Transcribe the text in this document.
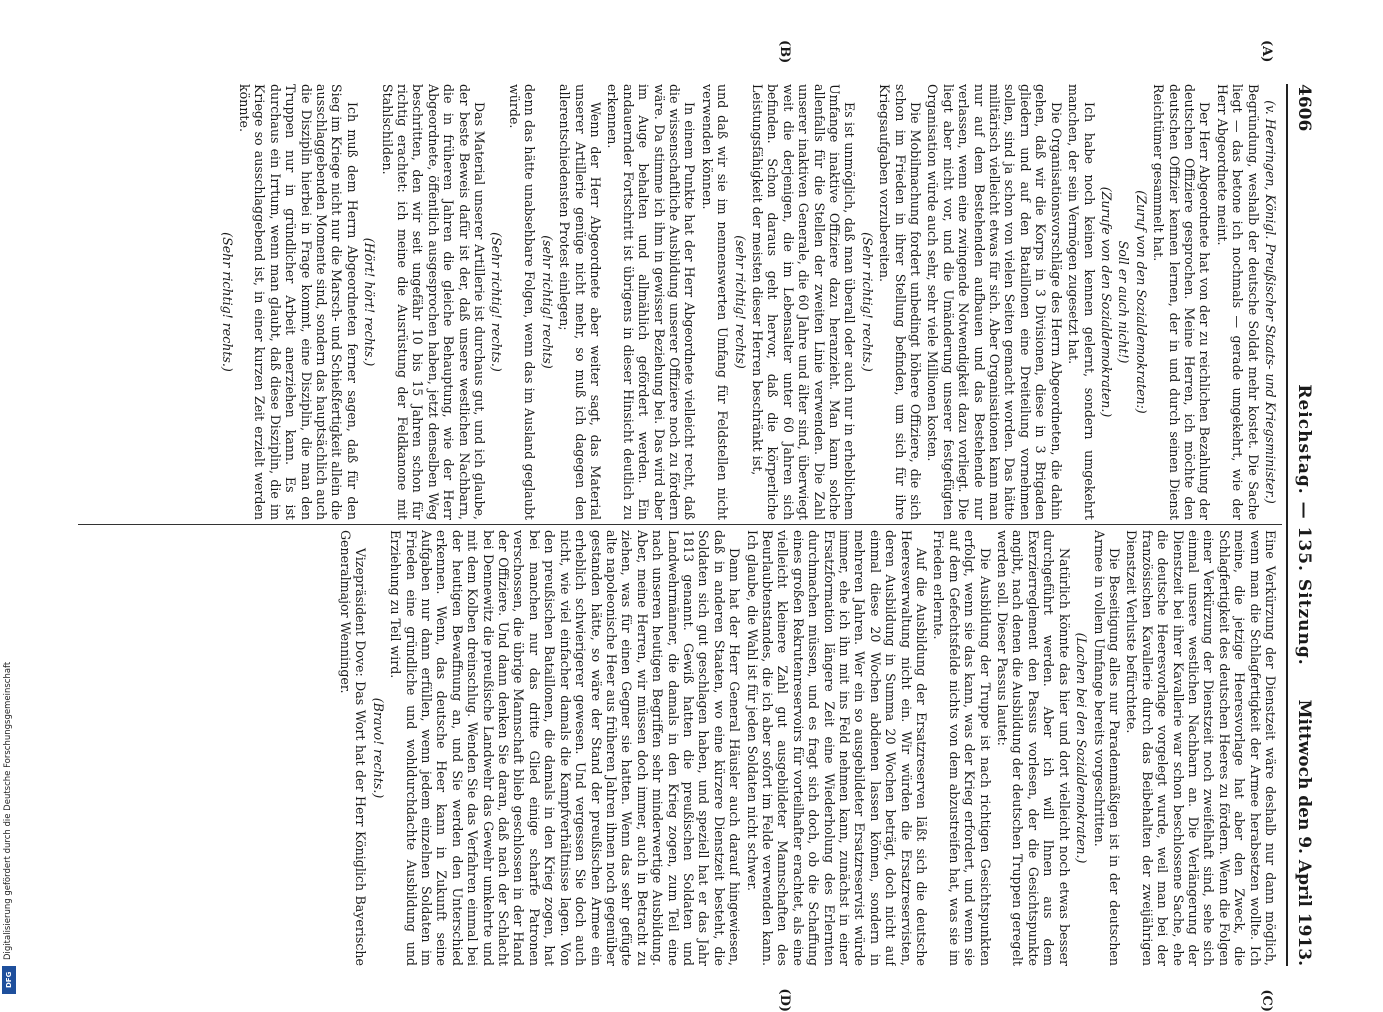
Digitalisierung gefördert durch die Deutsche Forschungsgemeinschaft
DFG
4606
Reichstag. — 135. Sitzung.
Mittwoch den 9. April 1913.
(A)
(B)
(C)
(D)

(v. Heeringen, Königl. Preußischer Staats- und Kriegsminister.)

Begründung, weshalb der deutsche Soldat mehr kostet. Die Sache liegt — das betone ich nochmals — gerade umgekehrt, wie der Herr Abgeordnete meint.

Der Herr Abgeordnete hat von der zu reichlichen Bezahlung der deutschen Offiziere gesprochen. Meine Herren, ich möchte den deutschen Offizier kennen lernen, der in und durch seinen Dienst Reichtümer gesammelt hat.

(Zuruf von den Sozialdemokraten:)

Soll er auch nicht!)

(Zurufe von den Sozialdemokraten.)

Ich habe noch keinen kennen gelernt, sondern umgekehrt manchen, der sein Vermögen zugesetzt hat.

Die Organisationsvorschläge des Herrn Abgeordneten, die dahin gehen, daß wir die Korps in 3 Divisionen, diese in 3 Brigaden gliedern und auf den Bataillonen eine Dreiteilung vornehmen sollen, sind ja schon von vielen Seiten gemacht worden. Das hätte militärisch vielleicht etwas für sich. Aber Organisationen kann man nur auf dem Bestehenden aufbauen und das Bestehende nur verlassen, wenn eine zwingende Notwendigkeit dazu vorliegt. Die liegt aber nicht vor, und die Umänderung unserer festgefügten Organisation würde auch sehr, sehr viele Millionen kosten.

Die Mobilmachung fordert unbedingt höhere Offiziere, die sich schon im Frieden in ihrer Stellung befinden, um sich für ihre Kriegsaufgaben vorzubereiten.

(Sehr richtig! rechts.)

Es ist unmöglich, daß man überall oder auch nur in erheblichem Umfange inaktive Offiziere dazu heranzieht. Man kann solche allenfalls für die Stellen der zweiten Linie verwenden. Die Zahl unserer inaktiven Generale, die 60 Jahre und älter sind, überwiegt weit die derjenigen, die im Lebensalter unter 60 Jahren sich befinden. Schon daraus geht hervor, daß die körperliche Leistungsfähigkeit der meisten dieser Herren beschränkt ist,

(sehr richtig! rechts)

und daß wir sie im nennenswerten Umfang für Feldstellen nicht verwenden können.

In einem Punkte hat der Herr Abgeordnete vielleicht recht, daß die wissenschaftliche Ausbildung unserer Offiziere noch zu fördern wäre. Da stimme ich ihm in gewisser Beziehung bei. Das wird aber im Auge behalten und allmählich gefördert werden. Ein andauernder Fortschritt ist übrigens in dieser Hinsicht deutlich zu erkennen.

Wenn der Herr Abgeordnete aber weiter sagt, das Material unserer Artillerie genüge nicht mehr, so muß ich dagegen den allerentschiedensten Protest einlegen;

(sehr richtig! rechts)

denn das hätte unabsehbare Folgen, wenn das im Ausland geglaubt würde.

(Sehr richtig! rechts.)

Das Material unserer Artillerie ist durchaus gut, und ich glaube, der beste Beweis dafür ist der, daß unsere westlichen Nachbarn, die in früheren Jahren die gleiche Behauptung, wie der Herr Abgeordnete, öffentlich ausgesprochen haben, jetzt denselben Weg beschritten, den wir seit ungefähr 10 bis 15 Jahren schon für richtig erachtet: ich meine die Ausrüstung der Feldkanone mit Stahlschilden.

(Hört! hört! rechts.)

Ich muß dem Herrn Abgeordneten ferner sagen, daß für den Sieg im Kriege nicht nur die Marsch- und Schießfertigkeit allein die ausschlaggebenden Momente sind, sondern das hauptsächlich auch die Disziplin hierbei in Frage kommt, eine Disziplin, die man den Truppen nur in gründlicher Arbeit anerziehen kann. Es ist durchaus ein Irrtum, wenn man glaubt, daß diese Disziplin, die im Kriege so ausschlaggebend ist, in einer kurzen Zeit erzielt werden könnte.

(Sehr richtig! rechts.)

Eine Verkürzung der Dienstzeit wäre deshalb nur dann möglich, wenn man die Schlagfertigkeit der Armee herabsetzen wollte. Ich meine, die jetzige Heeresvorlage hat aber den Zweck, die Schlagfertigkeit des deutschen Heeres zu fördern. Wenn die Folgen einer Verkürzung der Dienstzeit noch zweifelhaft sind, sehe sich einmal unsere westlichen Nachbarn an. Die Verlängerung der Dienstzeit bei ihrer Kavallerie war schon beschlossene Sache, ehe die deutsche Heeresvorlage vorgelegt wurde, weil man bei der französischen Kavallerie durch das Beibehalten der zweijährigen Dienstzeit Verluste befürchtete.

Die Beseitigung alles nur Paradenmäßigen ist in der deutschen Armee in vollem Umfange bereits vorgeschritten.

(Lachen bei den Sozialdemokraten.)

Natürlich könnte das hier und dort vielleicht noch etwas besser durchgeführt werden. Aber ich will Ihnen aus dem Exerzierreglement den Passus vorlesen, der die Gesichtspunkte angibt, nach denen die Ausbildung der deutschen Truppen geregelt werden soll. Dieser Passus lautet:

Die Ausbildung der Truppe ist nach richtigen Gesichtspunkten erfolgt, wenn sie das kann, was der Krieg erfordert, und wenn sie auf dem Gefechtsfelde nichts von dem abzustreifen hat, was sie im Frieden erlernte.

Auf die Ausbildung der Ersatzreserven läßt sich die deutsche Heeresverwaltung nicht ein. Wir würden die Ersatzreservisten, deren Ausbildung in Summa 20 Wochen beträgt, doch nicht auf einmal diese 20 Wochen abdienen lassen können, sondern in mehreren Jahren. Wer ein so ausgebildeter Ersatzreservist würde immer, ehe ich ihn mit ins Feld nehmen kann, zunächst in einer Ersatzformation längere Zeit eine Wiederholung des Erlernten durchmachen müssen, und es fragt sich doch, ob die Schaffung eines großen Rekrutenreservoirs für vorteilhafter erachtet, als eine vielleicht kleinere Zahl gut ausgebildeter Mannschaften des Beurlaubtenstandes, die ich aber sofort im Felde verwenden kann. Ich glaube, die Wahl ist für jeden Soldaten nicht schwer.

Dann hat der Herr General Häusler auch darauf hingewiesen, daß in anderen Staaten, wo eine kürzere Dienstzeit besteht, die Soldaten sich gut geschlagen haben, und speziell hat er das Jahr 1813 genannt. Gewiß hatten die preußischen Soldaten und Landwehrmänner, die damals in den Krieg zogen, zum Teil eine nach unseren heutigen Begriffen sehr minderwertige Ausbildung. Aber, meine Herren, wir müssen doch immer, auch in Betracht zu ziehen, was für einen Gegner sie hatten. Wenn das sehr gefügte alte napoleonische Heer aus früheren Jahren ihnen noch gegenüber gestanden hätte, so wäre der Stand der preußischen Armee ein erheblich schwierigerer gewesen. Und vergessen Sie doch auch nicht, wie viel einfacher damals die Kampfverhältnisse lagen. Von den preußischen Bataillonen, die damals in den Krieg zogen, hat bei manchen nur das dritte Glied einige scharfe Patronen verschossen, die übrige Mannschaft blieb geschlossen in der Hand der Offiziere. Und dann denken Sie daran, daß nach der Schlacht bei Dennewitz die preußische Landwehr das Gewehr umkehrte und mit dem Kolben dreinschlug. Wenden Sie das Verfahren einmal bei der heutigen Bewaffnung an, und Sie werden den Unterschied erkennen. Wenn, das deutsche Heer kann in Zukunft seine Aufgaben nur dann erfüllen, wenn jedem einzelnen Soldaten im Frieden eine gründliche und wohldurchdachte Ausbildung und Erziehung zu Teil wird.

(Bravo! rechts.)

Vizepräsident Dove: Das Wort hat der Herr Königlich Bayerische Generalmajor Wenninger.
